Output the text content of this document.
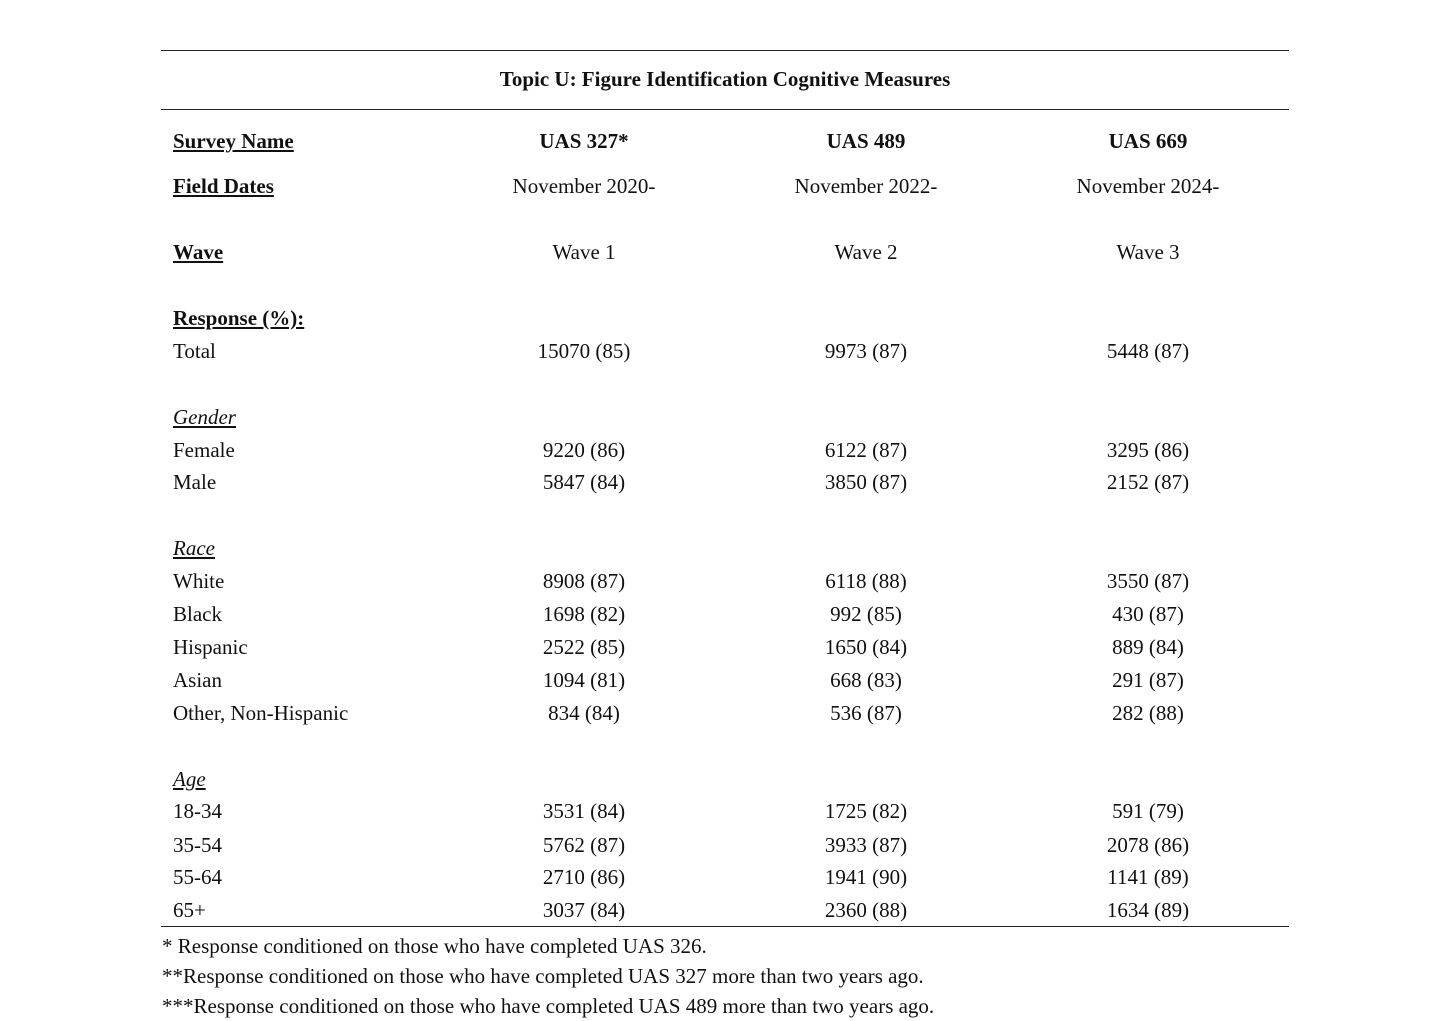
Topic U: Figure Identification Cognitive Measures
Survey Name	UAS 327*	UAS 489	UAS 669
Field Dates	November 2020-	November 2022-	November 2024-
Wave	Wave 1	Wave 2	Wave 3
Response (%):
Total	15070 (85)	9973 (87)	5448 (87)
Gender
Female	9220 (86)	6122 (87)	3295 (86)
Male	5847 (84)	3850 (87)	2152 (87)
Race
White	8908 (87)	6118 (88)	3550 (87)
Black	1698 (82)	992 (85)	430 (87)
Hispanic	2522 (85)	1650 (84)	889 (84)
Asian	1094 (81)	668 (83)	291 (87)
Other, Non-Hispanic	834 (84)	536 (87)	282 (88)
Age
18-34	3531 (84)	1725 (82)	591 (79)
35-54	5762 (87)	3933 (87)	2078 (86)
55-64	2710 (86)	1941 (90)	1141 (89)
65+	3037 (84)	2360 (88)	1634 (89)
* Response conditioned on those who have completed UAS 326.
**Response conditioned on those who have completed UAS 327 more than two years ago.
***Response conditioned on those who have completed UAS 489 more than two years ago.
